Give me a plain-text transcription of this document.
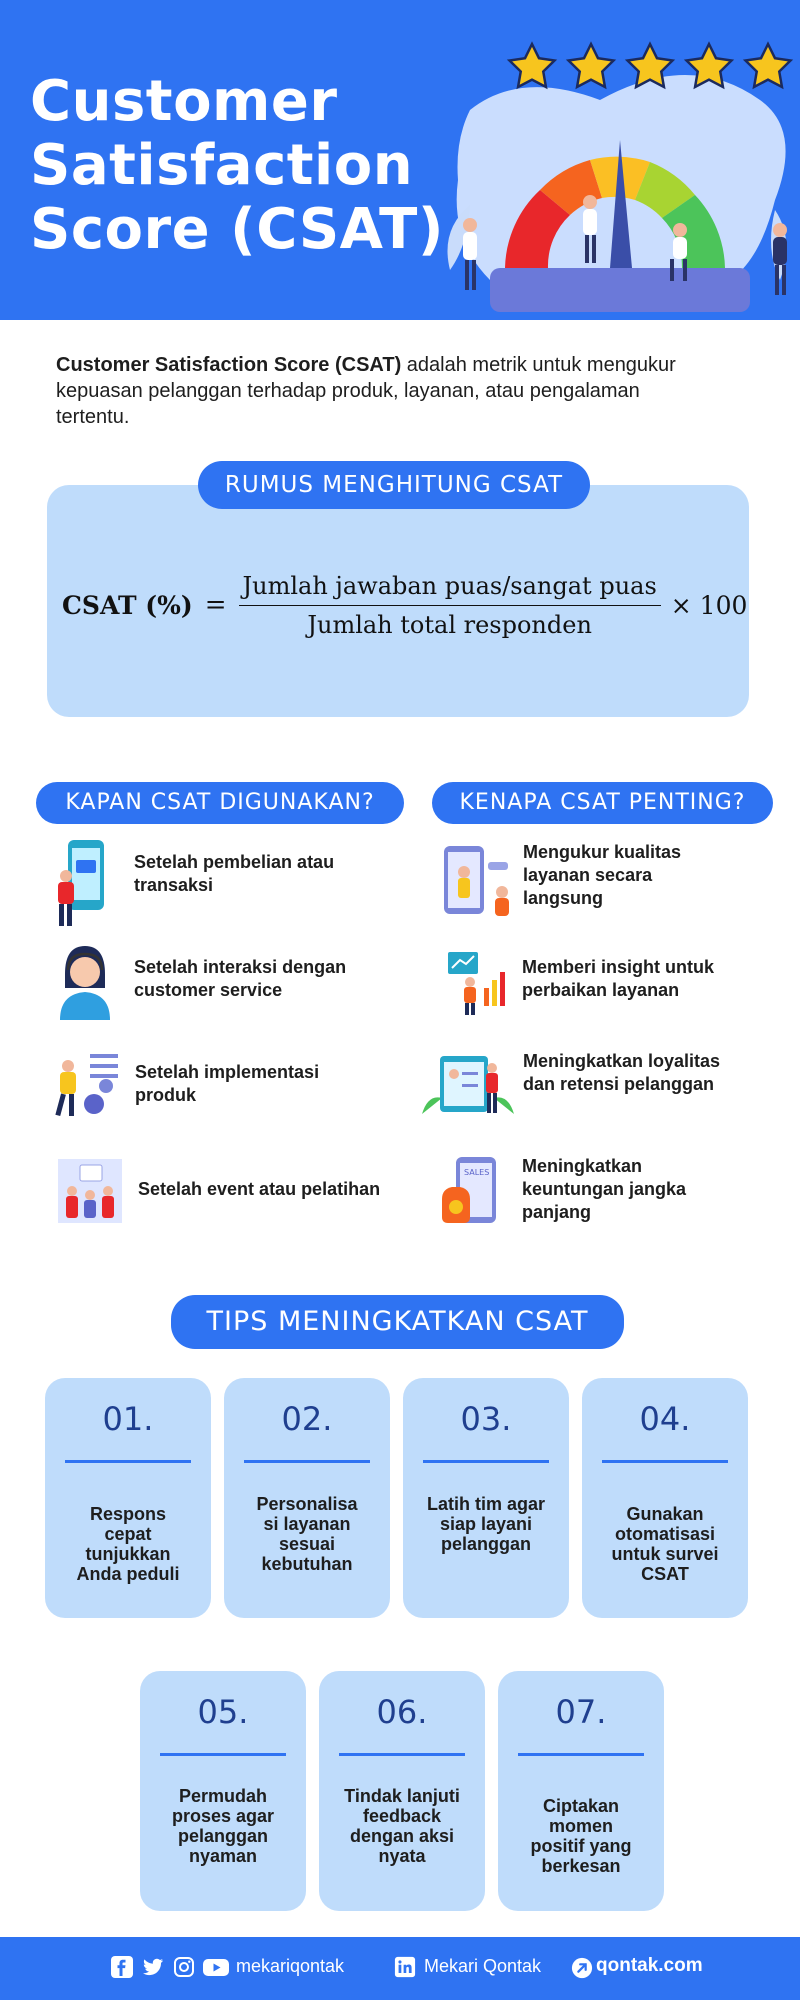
Customer
Satisfaction
Score (CSAT)

Customer Satisfaction Score (CSAT) adalah metrik untuk mengukur kepuasan pelanggan terhadap produk, layanan, atau pengalaman tertentu.

RUMUS MENGHITUNG CSAT
CSAT (%) = $\frac{\text{Jumlah jawaban puas/sangat puas}}{\text{Jumlah total responden}} \times 100$
KAPAN CSAT DIGUNAKAN?	KENAPA CSAT PENTING?
Setelah pembelian atau transaksi
Setelah interaksi dengan customer service
Setelah implementasi produk
Setelah event atau pelatihan
Mengukur kualitas layanan secara langsung
Memberi insight untuk perbaikan layanan
Meningkatkan loyalitas dan retensi pelanggan
SALES Meningkatkan keuntungan jangka panjang
TIPS MENINGKATKAN CSAT
01.
Respons
cepat
tunjukkan
Anda peduli
02.
Personalisa
si layanan
sesuai
kebutuhan
03.
Latih tim agar
siap layani
pelanggan
04.
Gunakan
otomatisasi
untuk survei
CSAT
05.
Permudah
proses agar
pelanggan
nyaman
06.
Tindak lanjuti
feedback
dengan aksi
nyata
07.
Ciptakan
momen
positif yang
berkesan
mekariqontak	Mekari Qontak	qontak.com
